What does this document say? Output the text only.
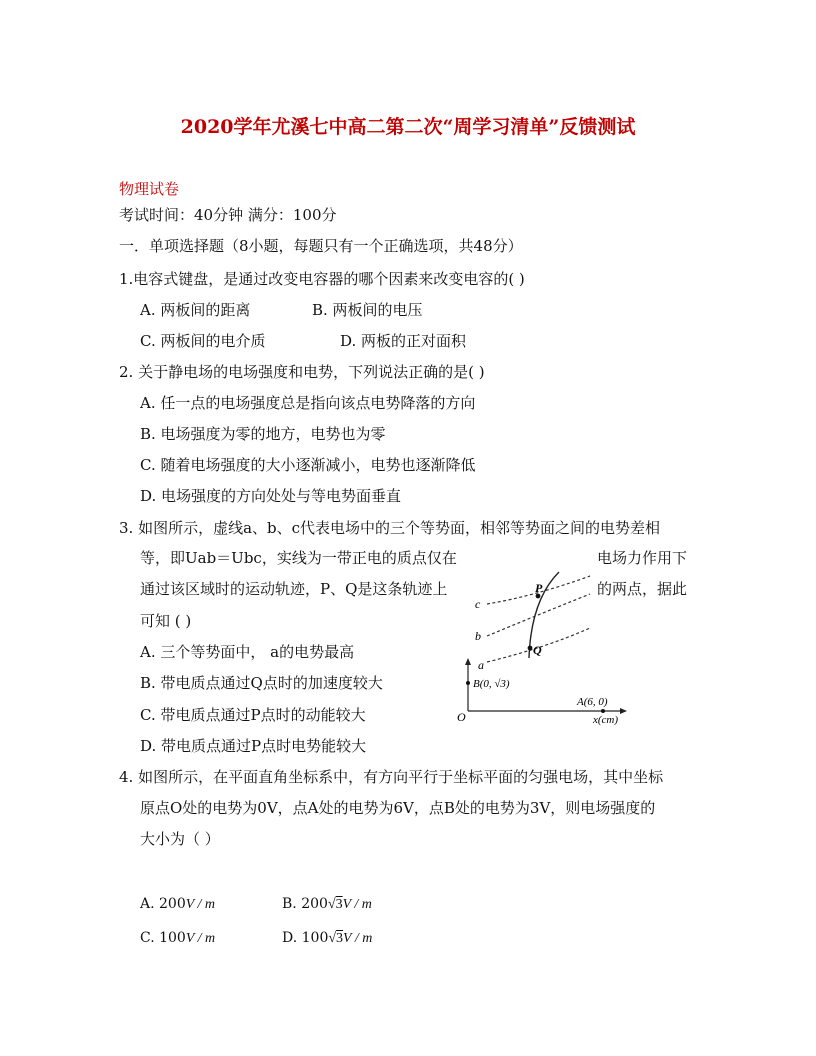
2020学年尤溪七中高二第二次“周学习清单”反馈测试
物理试卷
考试时间：40分钟 满分：100分
一．单项选择题（8小题，每题只有一个正确选项，共48分）
1.电容式键盘，是通过改变电容器的哪个因素来改变电容的( )
A. 两板间的距离	B. 两板间的电压
C. 两板间的电介质	D. 两板的正对面积
2. 关于静电场的电场强度和电势，下列说法正确的是( )
A. 任一点的电场强度总是指向该点电势降落的方向
B. 电场强度为零的地方，电势也为零
C. 随着电场强度的大小逐渐减小，电势也逐渐降低
D. 电场强度的方向处处与等电势面垂直
3. 如图所示，虚线a、b、c代表电场中的三个等势面，相邻等势面之间的电势差相
等，即Uab＝Ubc，实线为一带正电的质点仅在	电场力作用下
通过该区域时的运动轨迹，P、Q是这条轨迹上	的两点，据此
可知 ( )
A. 三个等势面中， a的电势最高
B. 带电质点通过Q点时的加速度较大
C. 带电质点通过P点时的动能较大
D. 带电质点通过P点时电势能较大
c
b
P
Q
a
B(0, √3)
A(6, 0)
O	x(cm)
4. 如图所示，在平面直角坐标系中，有方向平行于坐标平面的匀强电场，其中坐标
原点O处的电势为0V，点A处的电势为6V，点B处的电势为3V，则电场强度的
大小为（ ）
A. 200V / m	B. 200√3V / m
C. 100V / m	D. 100√3V / m
